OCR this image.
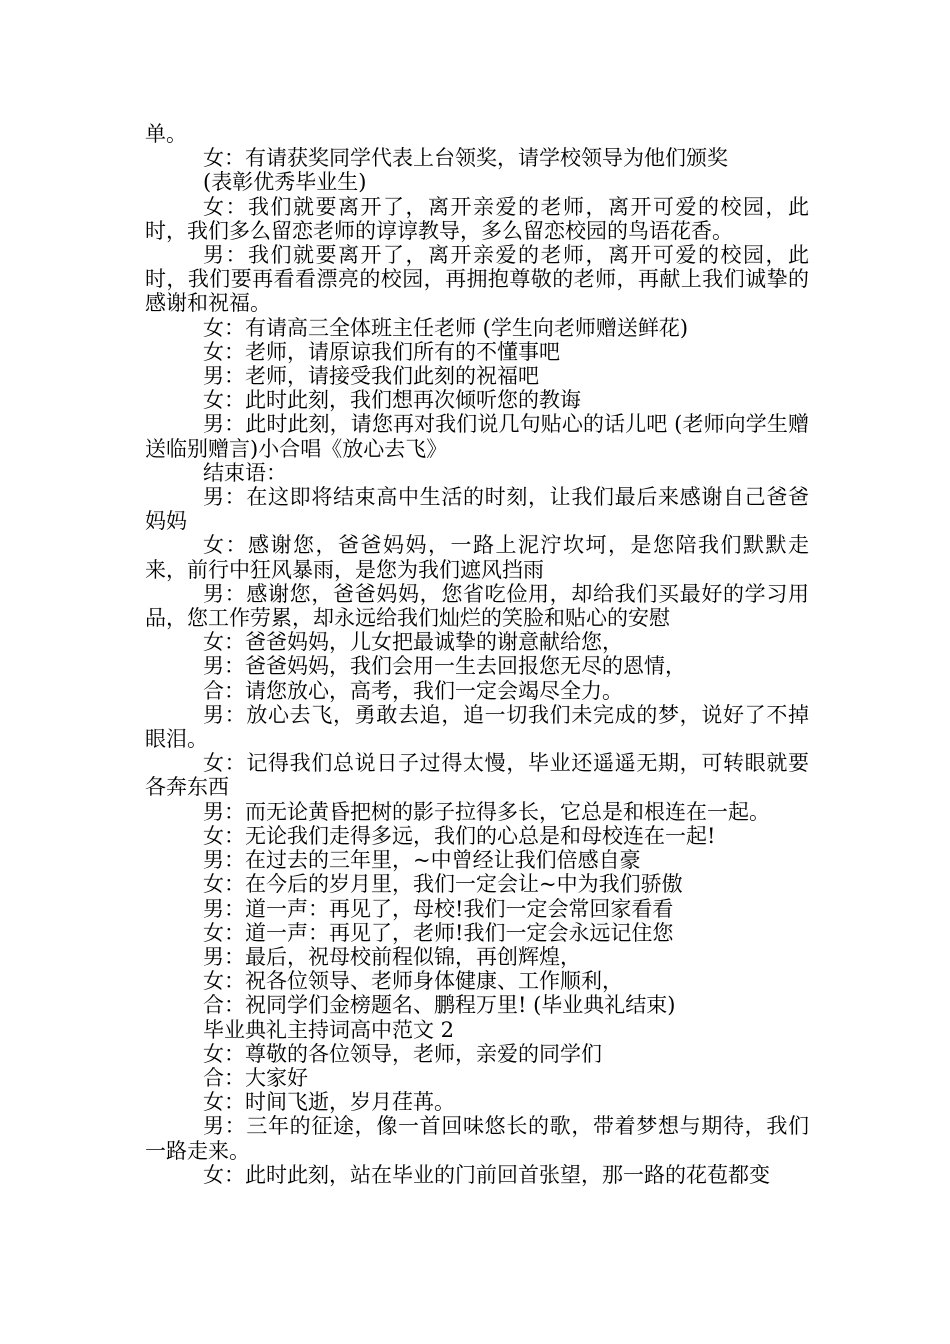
单。

女：有请获奖同学代表上台领奖，请学校领导为他们颁奖

(表彰优秀毕业生)

女：我们就要离开了，离开亲爱的老师，离开可爱的校园，此时，我们多么留恋老师的谆谆教导，多么留恋校园的鸟语花香。

男：我们就要离开了，离开亲爱的老师，离开可爱的校园，此时，我们要再看看漂亮的校园，再拥抱尊敬的老师，再献上我们诚挚的感谢和祝福。

女：有请高三全体班主任老师 (学生向老师赠送鲜花)

女：老师，请原谅我们所有的不懂事吧

男：老师，请接受我们此刻的祝福吧

女：此时此刻，我们想再次倾听您的教诲

男：此时此刻，请您再对我们说几句贴心的话儿吧 (老师向学生赠送临别赠言)小合唱《放心去飞》

结束语：

男：在这即将结束高中生活的时刻，让我们最后来感谢自己爸爸妈妈

女：感谢您，爸爸妈妈，一路上泥泞坎坷，是您陪我们默默走来，前行中狂风暴雨，是您为我们遮风挡雨

男：感谢您，爸爸妈妈，您省吃俭用，却给我们买最好的学习用品，您工作劳累，却永远给我们灿烂的笑脸和贴心的安慰

女：爸爸妈妈，儿女把最诚挚的谢意献给您，

男：爸爸妈妈，我们会用一生去回报您无尽的恩情，

合：请您放心，高考，我们一定会竭尽全力。

男：放心去飞，勇敢去追，追一切我们未完成的梦，说好了不掉眼泪。

女：记得我们总说日子过得太慢，毕业还遥遥无期，可转眼就要各奔东西

男：而无论黄昏把树的影子拉得多长，它总是和根连在一起。

女：无论我们走得多远，我们的心总是和母校连在一起!

男：在过去的三年里，~中曾经让我们倍感自豪

女：在今后的岁月里，我们一定会让~中为我们骄傲

男：道一声：再见了，母校!我们一定会常回家看看

女：道一声：再见了，老师!我们一定会永远记住您

男：最后，祝母校前程似锦，再创辉煌，

女：祝各位领导、老师身体健康、工作顺利，

合：祝同学们金榜题名、鹏程万里! (毕业典礼结束)

毕业典礼主持词高中范文 2

女：尊敬的各位领导，老师，亲爱的同学们

合：大家好

女：时间飞逝，岁月荏苒。

男：三年的征途，像一首回味悠长的歌，带着梦想与期待，我们一路走来。

女：此时此刻，站在毕业的门前回首张望，那一路的花苞都变
